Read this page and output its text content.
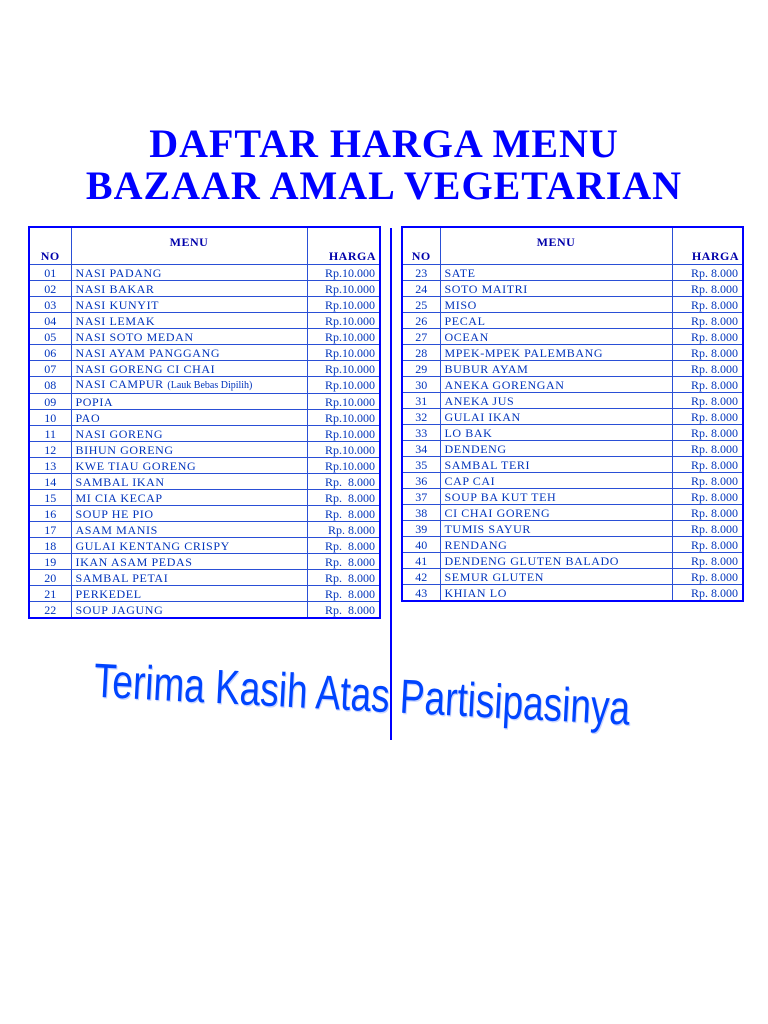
DAFTAR HARGA MENU
BAZAAR AMAL VEGETARIAN
NO	MENU	HARGA
01	NASI PADANG	Rp.10.000
02	NASI BAKAR	Rp.10.000
03	NASI KUNYIT	Rp.10.000
04	NASI LEMAK	Rp.10.000
05	NASI SOTO MEDAN	Rp.10.000
06	NASI AYAM PANGGANG	Rp.10.000
07	NASI GORENG CI CHAI	Rp.10.000
08	NASI CAMPUR (Lauk Bebas Dipilih)	Rp.10.000
09	POPIA	Rp.10.000
10	PAO	Rp.10.000
11	NASI GORENG	Rp.10.000
12	BIHUN GORENG	Rp.10.000
13	KWE TIAU GORENG	Rp.10.000
14	SAMBAL IKAN	Rp.  8.000
15	MI CIA KECAP	Rp.  8.000
16	SOUP HE PIO	Rp.  8.000
17	ASAM MANIS	Rp. 8.000
18	GULAI KENTANG CRISPY	Rp.  8.000
19	IKAN ASAM PEDAS	Rp.  8.000
20	SAMBAL PETAI	Rp.  8.000
21	PERKEDEL	Rp.  8.000
22	SOUP JAGUNG	Rp.  8.000
NO	MENU	HARGA
23	SATE	Rp. 8.000
24	SOTO MAITRI	Rp. 8.000
25	MISO	Rp. 8.000
26	PECAL	Rp. 8.000
27	OCEAN	Rp. 8.000
28	MPEK-MPEK PALEMBANG	Rp. 8.000
29	BUBUR AYAM	Rp. 8.000
30	ANEKA GORENGAN	Rp. 8.000
31	ANEKA JUS	Rp. 8.000
32	GULAI IKAN	Rp. 8.000
33	LO BAK	Rp. 8.000
34	DENDENG	Rp. 8.000
35	SAMBAL TERI	Rp. 8.000
36	CAP CAI	Rp. 8.000
37	SOUP BA KUT TEH	Rp. 8.000
38	CI CHAI GORENG	Rp. 8.000
39	TUMIS SAYUR	Rp. 8.000
40	RENDANG	Rp. 8.000
41	DENDENG GLUTEN BALADO	Rp. 8.000
42	SEMUR GLUTEN	Rp. 8.000
43	KHIAN LO	Rp. 8.000
Terima Kasih Atas Partisipasinya
